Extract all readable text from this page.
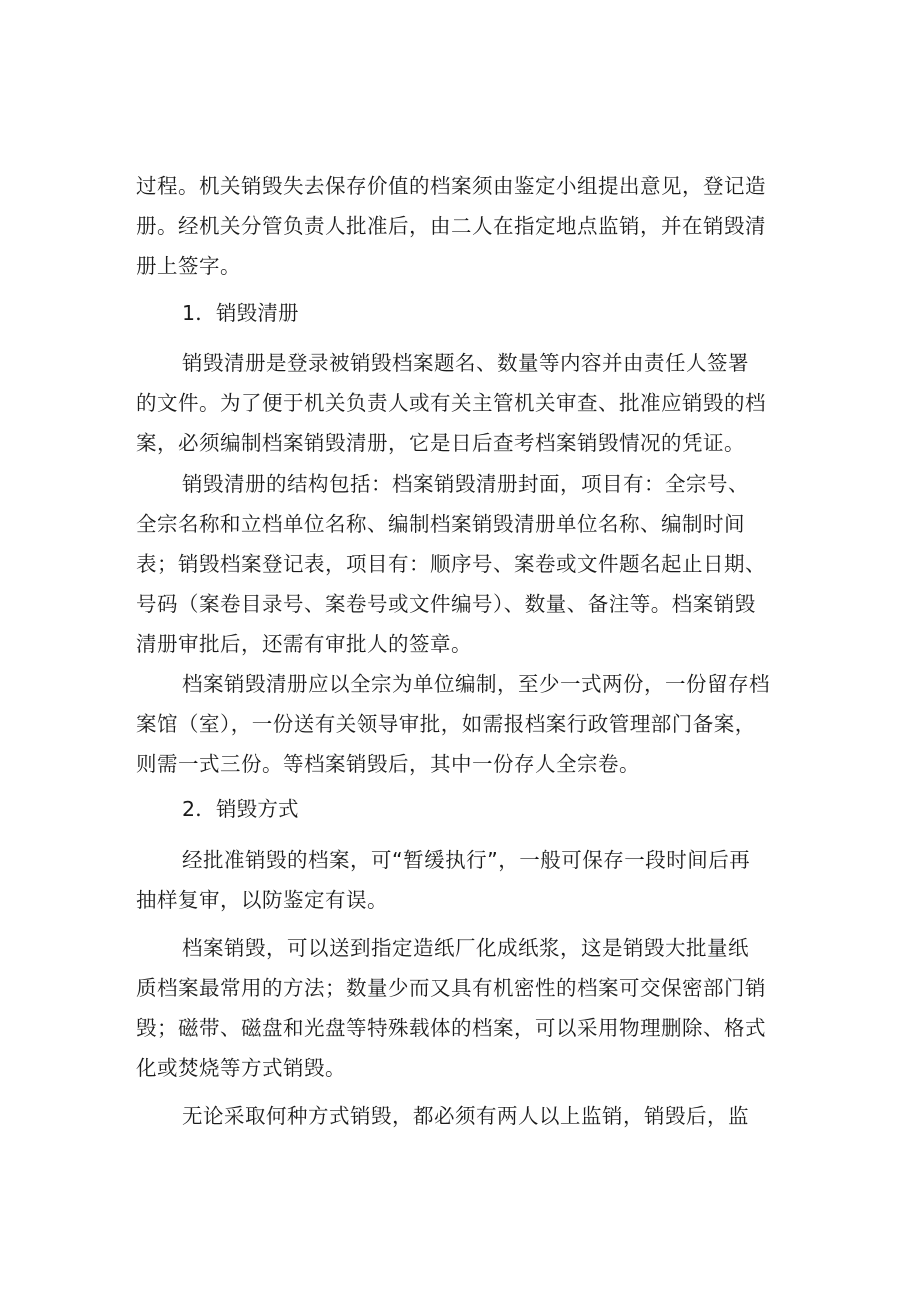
过程。机关销毁失去保存价值的档案须由鉴定小组提出意见，登记造

册。经机关分管负责人批准后，由二人在指定地点监销，并在销毁清

册上签字。

1．销毁清册

销毁清册是登录被销毁档案题名、数量等内容并由责任人签署

的文件。为了便于机关负责人或有关主管机关审查、批准应销毁的档

案，必须编制档案销毁清册，它是日后查考档案销毁情况的凭证。

销毁清册的结构包括：档案销毁清册封面，项目有：全宗号、

全宗名称和立档单位名称、编制档案销毁清册单位名称、编制时间

表；销毁档案登记表，项目有：顺序号、案卷或文件题名起止日期、

号码（案卷目录号、案卷号或文件编号）、数量、备注等。档案销毁

清册审批后，还需有审批人的签章。

档案销毁清册应以全宗为单位编制，至少一式两份，一份留存档

案馆（室），一份送有关领导审批，如需报档案行政管理部门备案，

则需一式三份。等档案销毁后，其中一份存人全宗卷。

2．销毁方式

经批准销毁的档案，可“暂缓执行”，一般可保存一段时间后再

抽样复审，以防鉴定有误。

档案销毁，可以送到指定造纸厂化成纸浆，这是销毁大批量纸

质档案最常用的方法；数量少而又具有机密性的档案可交保密部门销

毁；磁带、磁盘和光盘等特殊载体的档案，可以采用物理删除、格式

化或焚烧等方式销毁。

无论采取何种方式销毁，都必须有两人以上监销，销毁后，监
